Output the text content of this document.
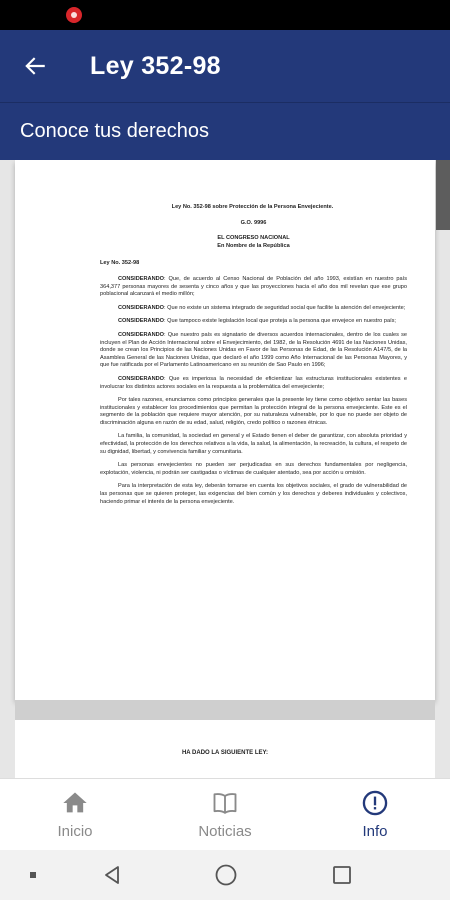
Ley 352-98
Conoce tus derechos
Ley No. 352-98 sobre Protección de la Persona Envejeciente.
G.O. 9996
EL CONGRESO NACIONAL
En Nombre de la República
Ley No. 352-98

CONSIDERANDO: Que, de acuerdo al Censo Nacional de Población del año 1993, existían en nuestro país 364,377 personas mayores de sesenta y cinco años y que las proyecciones hacia el año dos mil revelan que ese grupo poblacional alcanzará el medio millón;

CONSIDERANDO: Que no existe un sistema integrado de seguridad social que facilite la atención del envejeciente;

CONSIDERANDO: Que tampoco existe legislación local que proteja a la persona que envejece en nuestro país;

CONSIDERANDO: Que nuestro país es signatario de diversos acuerdos internacionales, dentro de los cuales se incluyen el Plan de Acción Internacional sobre el Envejecimiento, del 1982, de la Resolución 4691 de las Naciones Unidas, donde se crean los Principios de las Naciones Unidas en Favor de las Personas de Edad, de la Resolución A147/5, de la Asamblea General de las Naciones Unidas, que declaró el año 1999 como Año Internacional de las Personas Mayores, y que fue ratificada por el Parlamento Latinoamericano en su reunión de Sao Paulo en 1996;

CONSIDERANDO: Que es imperiosa la necesidad de eficientizar las estructuras institucionales existentes e involucrar los distintos actores sociales en la respuesta a la problemática del envejeciente;

Por tales razones, enunciamos como principios generales que la presente ley tiene como objetivo sentar las bases institucionales y establecer los procedimientos que permitan la protección integral de la persona envejeciente. Este es el segmento de la población que requiere mayor atención, por su naturaleza vulnerable, por lo que no puede ser objeto de discriminación alguna en razón de su edad, salud, religión, credo político o razones étnicas.

La familia, la comunidad, la sociedad en general y el Estado tienen el deber de garantizar, con absoluta prioridad y efectividad, la protección de los derechos relativos a la vida, la salud, la alimentación, la recreación, la cultura, el respeto de su dignidad, libertad, y convivencia familiar y comunitaria.

Las personas envejecientes no pueden ser perjudicadas en sus derechos fundamentales por negligencia, explotación, violencia, ni podrán ser castigadas o víctimas de cualquier atentado, sea por acción u omisión.

Para la interpretación de esta ley, deberán tomarse en cuenta los objetivos sociales, el grado de vulnerabilidad de las personas que se quieren proteger, las exigencias del bien común y los derechos y deberes individuales y colectivos, haciendo primar el interés de la persona envejeciente.

HA DADO LA SIGUIENTE LEY:
Inicio	Noticias	Info
